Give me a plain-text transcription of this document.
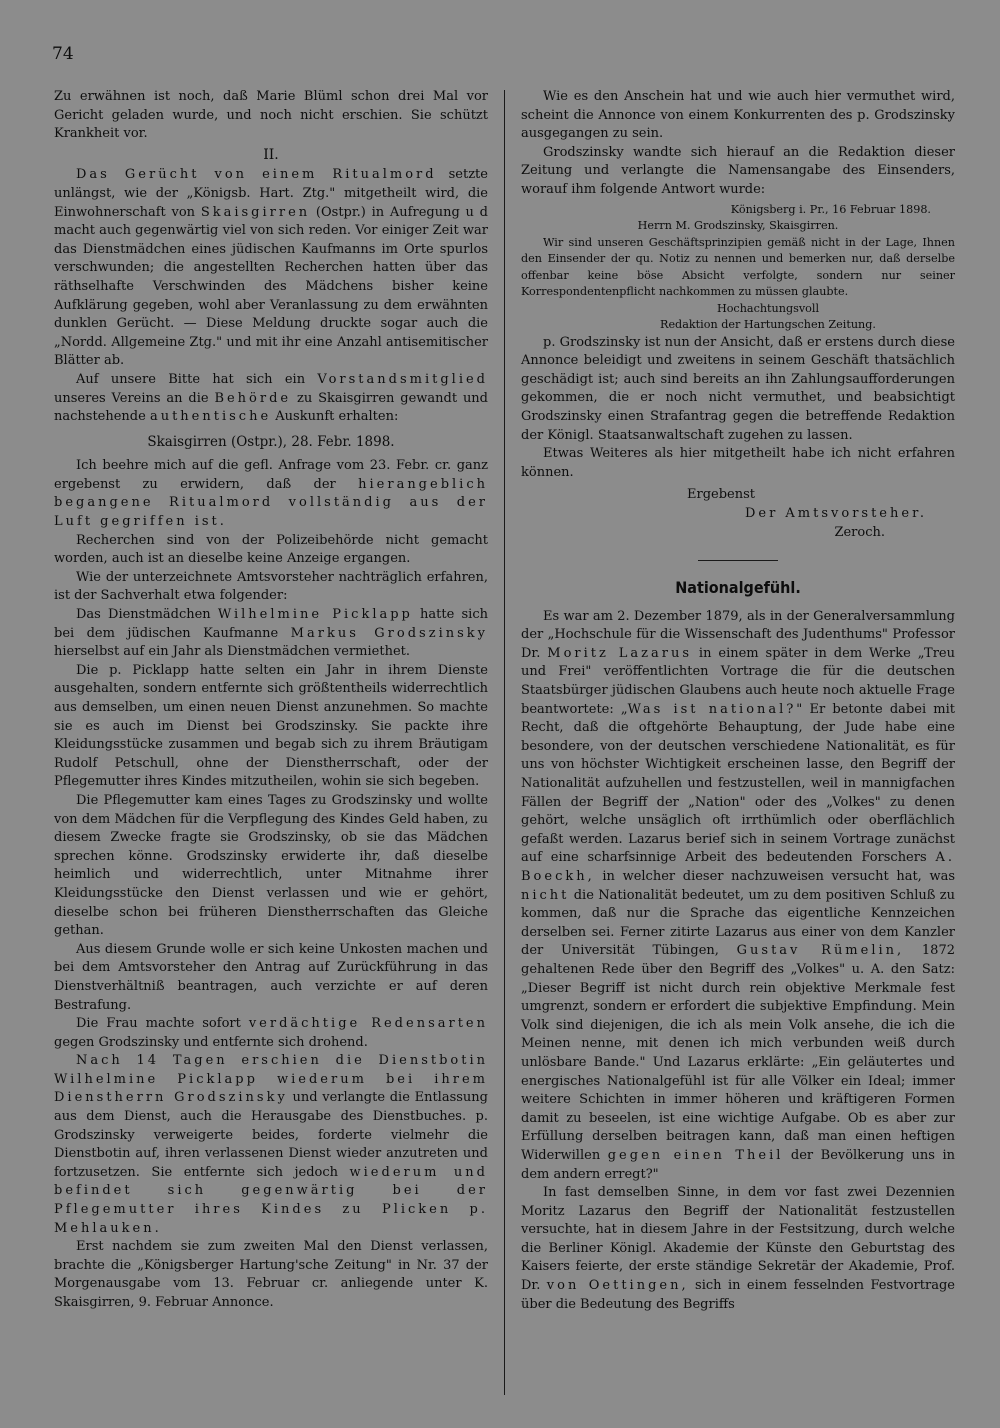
74

Zu erwähnen ist noch, daß Marie Blüml schon drei Mal vor Gericht geladen wurde, und noch nicht erschien. Sie schützt Krankheit vor.

II.

Das Gerücht von einem Ritualmord setzte unlängst, wie der „Königsb. Hart. Ztg." mitgetheilt wird, die Einwohnerschaft von Skaisgirren (Ostpr.) in Aufregung u d macht auch gegenwärtig viel von sich reden. Vor einiger Zeit war das Dienstmädchen eines jüdischen Kaufmanns im Orte spurlos verschwunden; die angestellten Recherchen hatten über das räthselhafte Verschwinden des Mädchens bisher keine Aufklärung gegeben, wohl aber Veranlassung zu dem erwähnten dunklen Gerücht. — Diese Meldung druckte sogar auch die „Nordd. Allgemeine Ztg." und mit ihr eine Anzahl antisemitischer Blätter ab.

Auf unsere Bitte hat sich ein Vorstandsmitglied unseres Vereins an die Behörde zu Skaisgirren gewandt und nachstehende authentische Auskunft erhalten:

Skaisgirren (Ostpr.), 28. Febr. 1898.

Ich beehre mich auf die gefl. Anfrage vom 23. Febr. cr. ganz ergebenst zu erwidern, daß der hierangeblich begangene Ritualmord vollständig aus der Luft gegriffen ist.

Recherchen sind von der Polizeibehörde nicht gemacht worden, auch ist an dieselbe keine Anzeige ergangen.

Wie der unterzeichnete Amtsvorsteher nachträglich erfahren, ist der Sachverhalt etwa folgender:

Das Dienstmädchen Wilhelmine Picklapp hatte sich bei dem jüdischen Kaufmanne Markus Grodszinsky hierselbst auf ein Jahr als Dienstmädchen vermiethet.

Die p. Picklapp hatte selten ein Jahr in ihrem Dienste ausgehalten, sondern entfernte sich größtentheils widerrechtlich aus demselben, um einen neuen Dienst anzunehmen. So machte sie es auch im Dienst bei Grodszinsky. Sie packte ihre Kleidungsstücke zusammen und begab sich zu ihrem Bräutigam Rudolf Petschull, ohne der Dienstherrschaft, oder der Pflegemutter ihres Kindes mitzutheilen, wohin sie sich begeben.

Die Pflegemutter kam eines Tages zu Grodszinsky und wollte von dem Mädchen für die Verpflegung des Kindes Geld haben, zu diesem Zwecke fragte sie Grodszinsky, ob sie das Mädchen sprechen könne. Grodszinsky erwiderte ihr, daß dieselbe heimlich und widerrechtlich, unter Mitnahme ihrer Kleidungsstücke den Dienst verlassen und wie er gehört, dieselbe schon bei früheren Dienstherrschaften das Gleiche gethan.

Aus diesem Grunde wolle er sich keine Unkosten machen und bei dem Amtsvorsteher den Antrag auf Zurückführung in das Dienstverhältniß beantragen, auch verzichte er auf deren Bestrafung.

Die Frau machte sofort verdächtige Redensarten gegen Grodszinsky und entfernte sich drohend.

Nach 14 Tagen erschien die Dienstbotin Wilhelmine Picklapp wiederum bei ihrem Dienstherrn Grodszinsky und verlangte die Entlassung aus dem Dienst, auch die Herausgabe des Dienstbuches. p. Grodszinsky verweigerte beides, forderte vielmehr die Dienstbotin auf, ihren verlassenen Dienst wieder anzutreten und fortzusetzen. Sie entfernte sich jedoch wiederum und befindet sich gegenwärtig bei der Pflegemutter ihres Kindes zu Plicken p. Mehlauken.

Erst nachdem sie zum zweiten Mal den Dienst verlassen, brachte die „Königsberger Hartung'sche Zeitung" in Nr. 37 der Morgenausgabe vom 13. Februar cr. anliegende unter K. Skaisgirren, 9. Februar Annonce.

Wie es den Anschein hat und wie auch hier vermuthet wird, scheint die Annonce von einem Konkurrenten des p. Grodszinsky ausgegangen zu sein.

Grodszinsky wandte sich hierauf an die Redaktion dieser Zeitung und verlangte die Namensangabe des Einsenders, worauf ihm folgende Antwort wurde:

Königsberg i. Pr., 16 Februar 1898.

Herrn M. Grodszinsky, Skaisgirren.

Wir sind unseren Geschäftsprinzipien gemäß nicht in der Lage, Ihnen den Einsender der qu. Notiz zu nennen und bemerken nur, daß derselbe offenbar keine böse Absicht verfolgte, sondern nur seiner Korrespondentenpflicht nachkommen zu müssen glaubte.

Hochachtungsvoll

Redaktion der Hartungschen Zeitung.

p. Grodszinsky ist nun der Ansicht, daß er erstens durch diese Annonce beleidigt und zweitens in seinem Geschäft thatsächlich geschädigt ist; auch sind bereits an ihn Zahlungsaufforderungen gekommen, die er noch nicht vermuthet, und beabsichtigt Grodszinsky einen Strafantrag gegen die betreffende Redaktion der Königl. Staatsanwaltschaft zugehen zu lassen.

Etwas Weiteres als hier mitgetheilt habe ich nicht erfahren können.

Ergebenst

Der Amtsvorsteher.

Zeroch.

Nationalgefühl.

Es war am 2. Dezember 1879, als in der Generalversammlung der „Hochschule für die Wissenschaft des Judenthums" Professor Dr. Moritz Lazarus in einem später in dem Werke „Treu und Frei" veröffentlichten Vortrage die für die deutschen Staatsbürger jüdischen Glaubens auch heute noch aktuelle Frage beantwortete: „Was ist national?" Er betonte dabei mit Recht, daß die oftgehörte Behauptung, der Jude habe eine besondere, von der deutschen verschiedene Nationalität, es für uns von höchster Wichtigkeit erscheinen lasse, den Begriff der Nationalität aufzuhellen und festzustellen, weil in mannigfachen Fällen der Begriff der „Nation" oder des „Volkes" zu denen gehört, welche unsäglich oft irrthümlich oder oberflächlich gefaßt werden. Lazarus berief sich in seinem Vortrage zunächst auf eine scharfsinnige Arbeit des bedeutenden Forschers A. Boeckh, in welcher dieser nachzuweisen versucht hat, was nicht die Nationalität bedeutet, um zu dem positiven Schluß zu kommen, daß nur die Sprache das eigentliche Kennzeichen derselben sei. Ferner zitirte Lazarus aus einer von dem Kanzler der Universität Tübingen, Gustav Rümelin, 1872 gehaltenen Rede über den Begriff des „Volkes" u. A. den Satz: „Dieser Begriff ist nicht durch rein objektive Merkmale fest umgrenzt, sondern er erfordert die subjektive Empfindung. Mein Volk sind diejenigen, die ich als mein Volk ansehe, die ich die Meinen nenne, mit denen ich mich verbunden weiß durch unlösbare Bande." Und Lazarus erklärte: „Ein geläutertes und energisches Nationalgefühl ist für alle Völker ein Ideal; immer weitere Schichten in immer höheren und kräftigeren Formen damit zu beseelen, ist eine wichtige Aufgabe. Ob es aber zur Erfüllung derselben beitragen kann, daß man einen heftigen Widerwillen gegen einen Theil der Bevölkerung uns in dem andern erregt?"

In fast demselben Sinne, in dem vor fast zwei Dezennien Moritz Lazarus den Begriff der Nationalität festzustellen versuchte, hat in diesem Jahre in der Festsitzung, durch welche die Berliner Königl. Akademie der Künste den Geburtstag des Kaisers feierte, der erste ständige Sekretär der Akademie, Prof. Dr. von Oettingen, sich in einem fesselnden Festvortrage über die Bedeutung des Begriffs
